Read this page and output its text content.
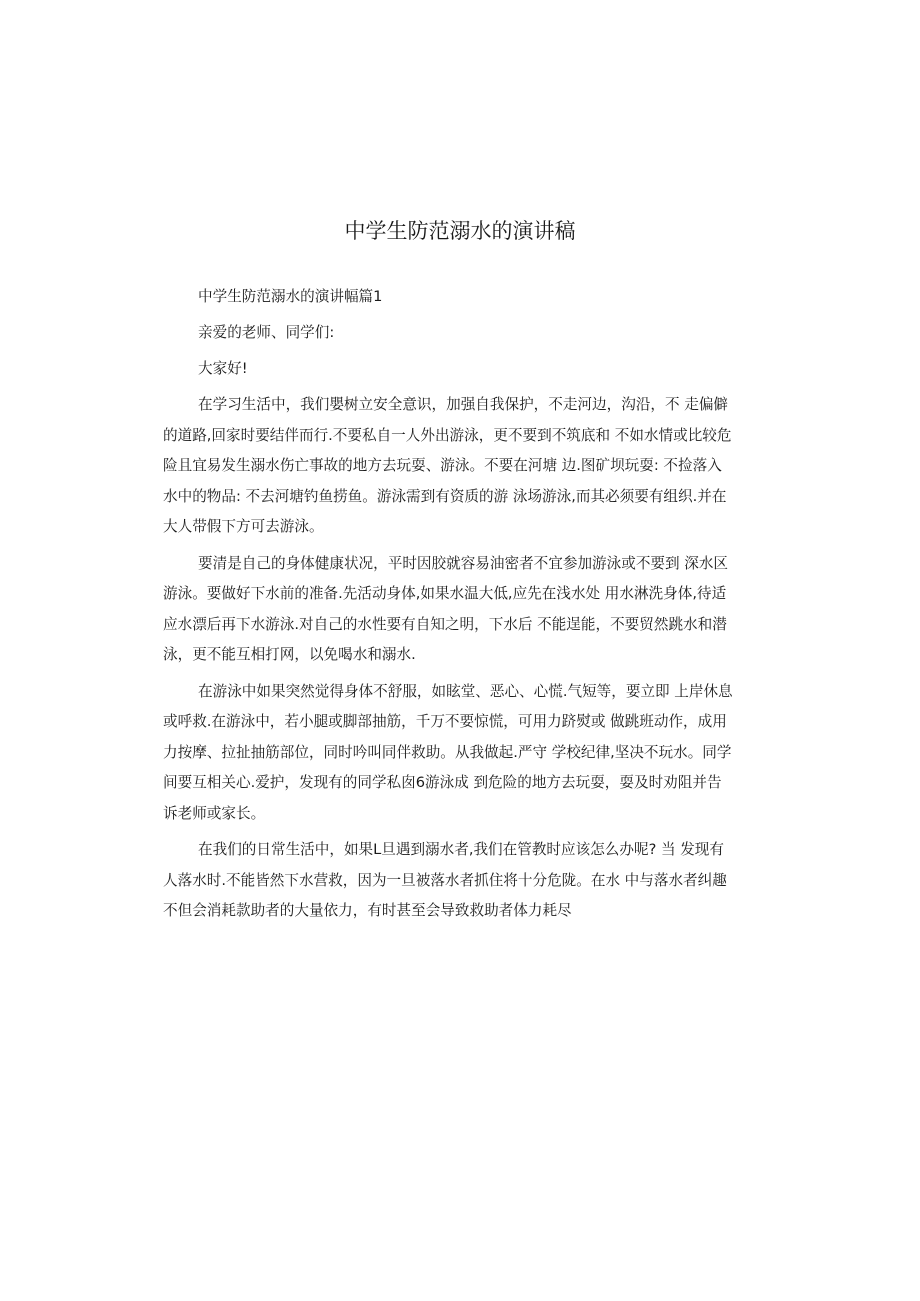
中学生防范溺水的演讲稿

中学生防范溺水的演讲幅篇1

亲爱的老师、同学们:

大家好!

在学习生活中，我们嬰树立安全意识，加强自我保护，不走河边，沟沿，不 走偏僻
的道路,回家时要结伴而行.不要私自一人外出游泳，更不要到不筑底和 不如水情或比较危
险且宜易发生溺水伤亡事故的地方去玩耍、游泳。不要在河塘 边.图矿坝玩耍: 不捡落入
水中的物品: 不去河塘钓鱼捞鱼。游泳需到有资质的游 泳场游泳,而其必须要有组织.并在
大人带假下方可去游泳。
要清是自己的身体健康状况，平时因胶就容易油密者不宜参加游泳或不要到 深水区
游泳。要做好下水前的准备.先活动身体,如果水温大低,应先在浅水处 用水淋洗身体,待适
应水漂后再下水游泳.对自己的水性要有自知之明，下水后 不能逞能，不要贸然跳水和潜
泳，更不能互相打网，以免喝水和溺水.
在游泳中如果突然觉得身体不舒服，如眩堂、恶心、心慌.气短等，要立即 上岸休息
或呼救.在游泳中，若小腿或脚部抽筋，千万不要惊慌，可用力跻熨或 做跳班动作，成用
力按摩、拉扯抽筋部位，同时吟叫同伴救助。从我做起.严守 学校纪律,坚决不玩水。同学
间要互相关心.爱护，发现有的同学私囱6游泳成 到危险的地方去玩耍，耍及时劝阻并告
诉老师或家长。
在我们的日常生活中，如果L旦遇到溺水者,我们在管教时应该怎么办呢? 当 发现有
人落水时.不能皆然下水营救，因为一旦被落水者抓住将十分危陇。在水 中与落水者纠趣
不但会消耗款助者的大量依力，有时甚至会导致救助者体力耗尽
